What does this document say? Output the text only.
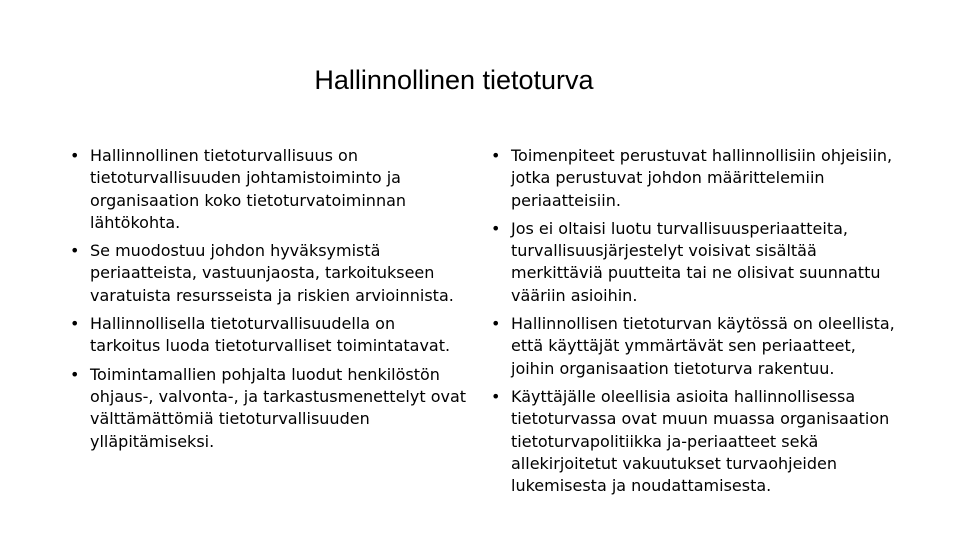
Hallinnollinen tietoturva
• Hallinnollinen tietoturvallisuus on tietoturvallisuuden johtamistoiminto ja organisaation koko tietoturvatoiminnan lähtökohta.
• Se muodostuu johdon hyväksymistä periaatteista, vastuunjaosta, tarkoitukseen varatuista resursseista ja riskien arvioinnista.
• Hallinnollisella tietoturvallisuudella on tarkoitus luoda tietoturvalliset toimintatavat.
• Toimintamallien pohjalta luodut henkilöstön ohjaus-, valvonta-, ja tarkastusmenettelyt ovat välttämättömiä tietoturvallisuuden ylläpitämiseksi.
• Toimenpiteet perustuvat hallinnollisiin ohjeisiin, jotka perustuvat johdon määrittelemiin periaatteisiin.
• Jos ei oltaisi luotu turvallisuusperiaatteita, turvallisuusjärjestelyt voisivat sisältää merkittäviä puutteita tai ne olisivat suunnattu vääriin asioihin.
• Hallinnollisen tietoturvan käytössä on oleellista, että käyttäjät ymmärtävät sen periaatteet, joihin organisaation tietoturva rakentuu.
• Käyttäjälle oleellisia asioita hallinnollisessa tietoturvassa ovat muun muassa organisaation tietoturvapolitiikka ja-periaatteet sekä allekirjoitetut vakuutukset turvaohjeiden lukemisesta ja noudattamisesta.
